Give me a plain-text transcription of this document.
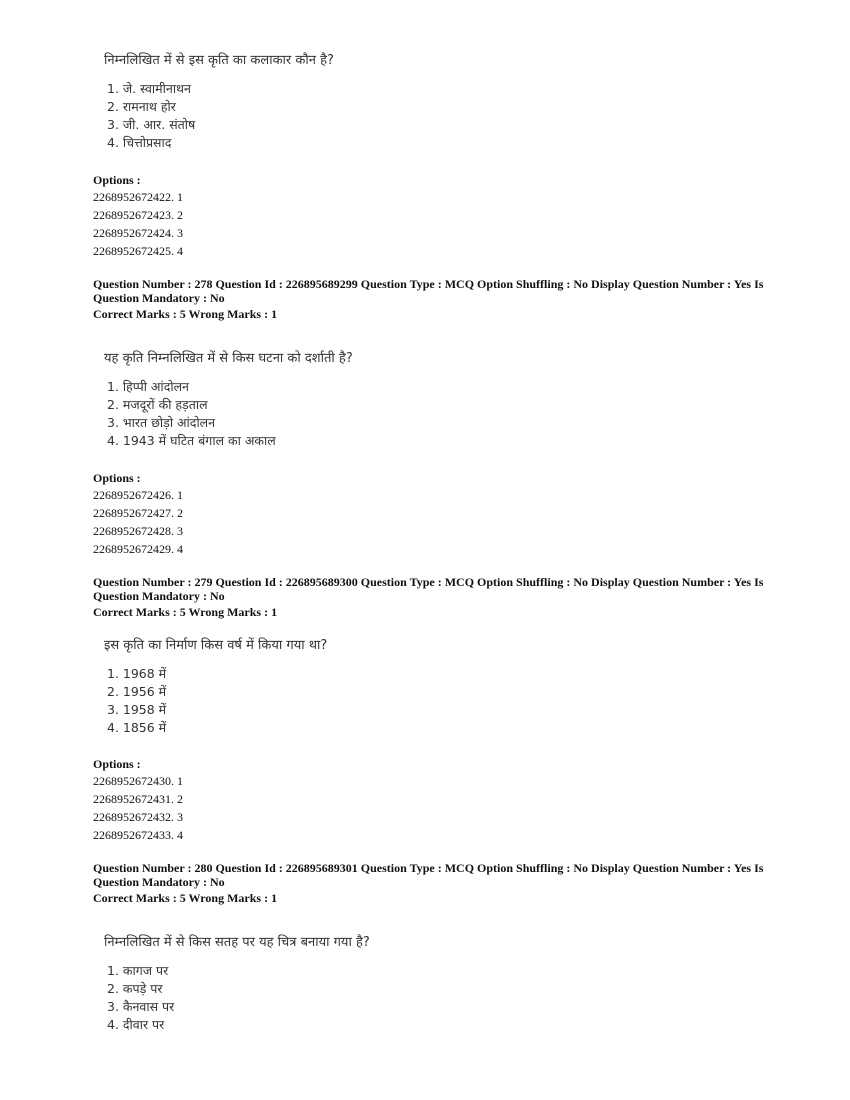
निम्नलिखित में से इस कृति का कलाकार कौन है?
1. जे. स्वामीनाथन
2. रामनाथ होर
3. जी. आर. संतोष
4. चित्तोप्रसाद
Options :
2268952672422. 1
2268952672423. 2
2268952672424. 3
2268952672425. 4
Question Number : 278 Question Id : 226895689299 Question Type : MCQ Option Shuffling : No Display Question Number : Yes Is
Question Mandatory : No
Correct Marks : 5 Wrong Marks : 1
यह कृति निम्नलिखित में से किस घटना को दर्शाती है?
1. हिप्पी आंदोलन
2. मजदूरों की हड़ताल
3. भारत छोड़ो आंदोलन
4. 1943 में घटित बंगाल का अकाल
Options :
2268952672426. 1
2268952672427. 2
2268952672428. 3
2268952672429. 4
Question Number : 279 Question Id : 226895689300 Question Type : MCQ Option Shuffling : No Display Question Number : Yes Is
Question Mandatory : No
Correct Marks : 5 Wrong Marks : 1
इस कृति का निर्माण किस वर्ष में किया गया था?
1. 1968 में
2. 1956 में
3. 1958 में
4. 1856 में
Options :
2268952672430. 1
2268952672431. 2
2268952672432. 3
2268952672433. 4
Question Number : 280 Question Id : 226895689301 Question Type : MCQ Option Shuffling : No Display Question Number : Yes Is
Question Mandatory : No
Correct Marks : 5 Wrong Marks : 1
निम्नलिखित में से किस सतह पर यह चित्र बनाया गया है?
1. कागज पर
2. कपड़े पर
3. कैनवास पर
4. दीवार पर
